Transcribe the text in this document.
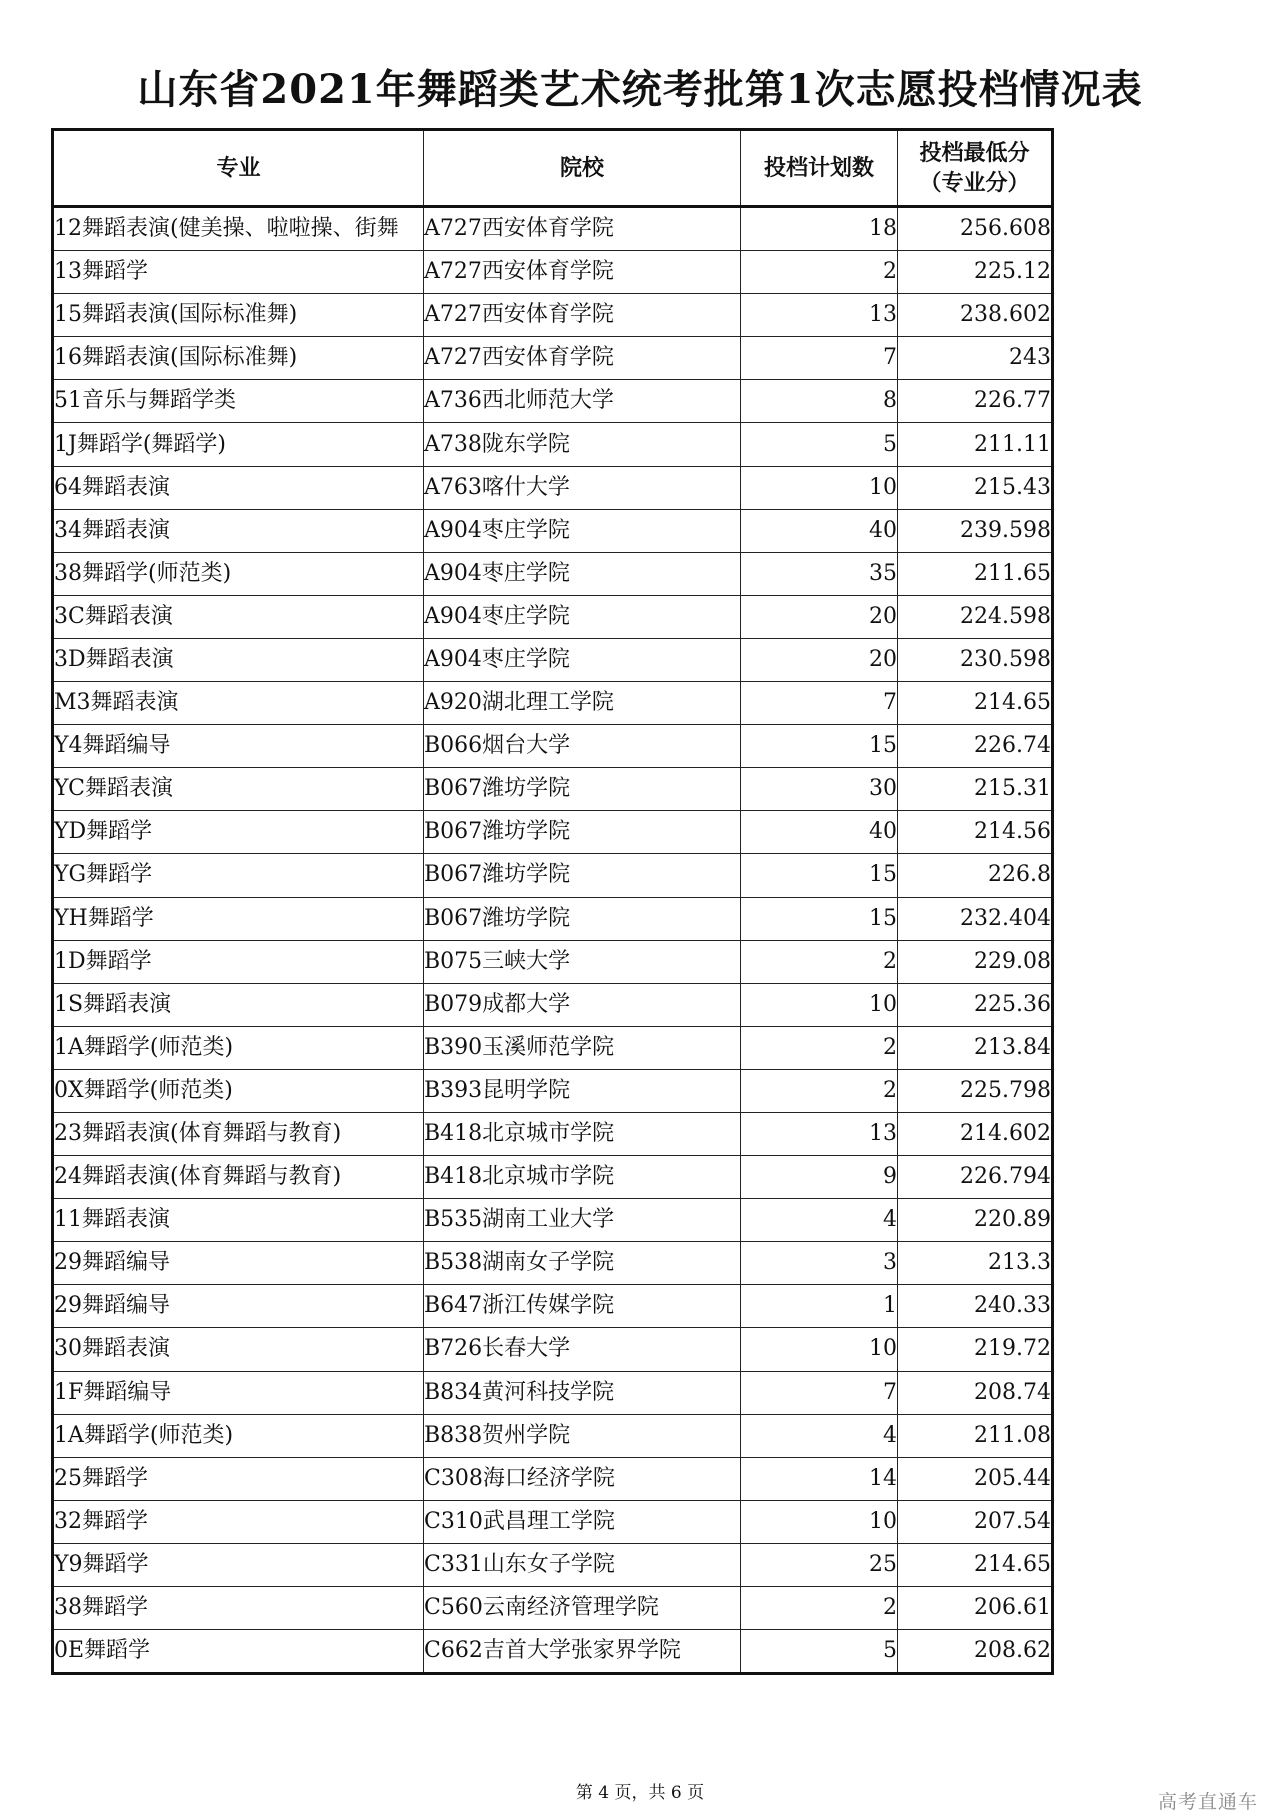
山东省2021年舞蹈类艺术统考批第1次志愿投档情况表
专业	院校	投档计划数	投档最低分
（专业分）

12舞蹈表演(健美操、啦啦操、街舞	A727西安体育学院	18	256.608
13舞蹈学	A727西安体育学院	2	225.12
15舞蹈表演(国际标准舞)	A727西安体育学院	13	238.602
16舞蹈表演(国际标准舞)	A727西安体育学院	7	243
51音乐与舞蹈学类	A736西北师范大学	8	226.77
1J舞蹈学(舞蹈学)	A738陇东学院	5	211.11
64舞蹈表演	A763喀什大学	10	215.43
34舞蹈表演	A904枣庄学院	40	239.598
38舞蹈学(师范类)	A904枣庄学院	35	211.65
3C舞蹈表演	A904枣庄学院	20	224.598
3D舞蹈表演	A904枣庄学院	20	230.598
M3舞蹈表演	A920湖北理工学院	7	214.65
Y4舞蹈编导	B066烟台大学	15	226.74
YC舞蹈表演	B067潍坊学院	30	215.31
YD舞蹈学	B067潍坊学院	40	214.56
YG舞蹈学	B067潍坊学院	15	226.8
YH舞蹈学	B067潍坊学院	15	232.404
1D舞蹈学	B075三峡大学	2	229.08
1S舞蹈表演	B079成都大学	10	225.36
1A舞蹈学(师范类)	B390玉溪师范学院	2	213.84
0X舞蹈学(师范类)	B393昆明学院	2	225.798
23舞蹈表演(体育舞蹈与教育)	B418北京城市学院	13	214.602
24舞蹈表演(体育舞蹈与教育)	B418北京城市学院	9	226.794
11舞蹈表演	B535湖南工业大学	4	220.89
29舞蹈编导	B538湖南女子学院	3	213.3
29舞蹈编导	B647浙江传媒学院	1	240.33
30舞蹈表演	B726长春大学	10	219.72
1F舞蹈编导	B834黄河科技学院	7	208.74
1A舞蹈学(师范类)	B838贺州学院	4	211.08
25舞蹈学	C308海口经济学院	14	205.44
32舞蹈学	C310武昌理工学院	10	207.54
Y9舞蹈学	C331山东女子学院	25	214.65
38舞蹈学	C560云南经济管理学院	2	206.61
0E舞蹈学	C662吉首大学张家界学院	5	208.62
第 4 页，共 6 页	高考直通车
